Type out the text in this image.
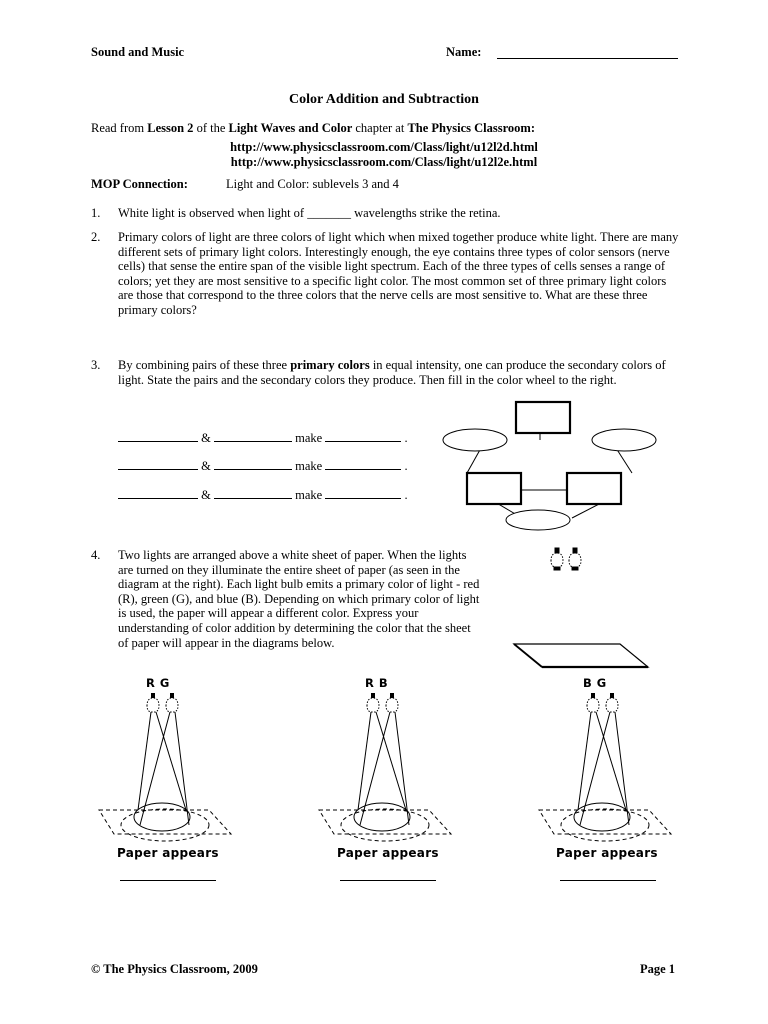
Sound and Music	Name:
Color Addition and Subtraction
Read from Lesson 2 of the Light Waves and Color chapter at The Physics Classroom:
http://www.physicsclassroom.com/Class/light/u12l2d.html
http://www.physicsclassroom.com/Class/light/u12l2e.html
MOP Connection:	Light and Color: sublevels 3 and 4
1. White light is observed when light of _______ wavelengths strike the retina.
2. Primary colors of light are three colors of light which when mixed together produce white light. There are many different sets of primary light colors. Interestingly enough, the eye contains three types of color sensors (nerve cells) that sense the entire span of the visible light spectrum. Each of the three types of cells senses a range of colors; yet they are most sensitive to a specific light color. The most common set of three primary light colors are those that correspond to the three colors that the nerve cells are most sensitive to. What are these three primary colors?
3. By combining pairs of these three primary colors in equal intensity, one can produce the secondary colors of light. State the pairs and the secondary colors they produce. Then fill in the color wheel to the right.
&	make	.
&	make	.
&	make	.
4. Two lights are arranged above a white sheet of paper. When the lights are turned on they illuminate the entire sheet of paper (as seen in the diagram at the right). Each light bulb emits a primary color of light - red (R), green (G), and blue (B). Depending on which primary color of light is used, the paper will appear a different color. Express your understanding of color addition by determining the color that the sheet of paper will appear in the diagrams below.
RG
Paper appears
RB
Paper appears
BG
Paper appears
© The Physics Classroom, 2009	Page 1
